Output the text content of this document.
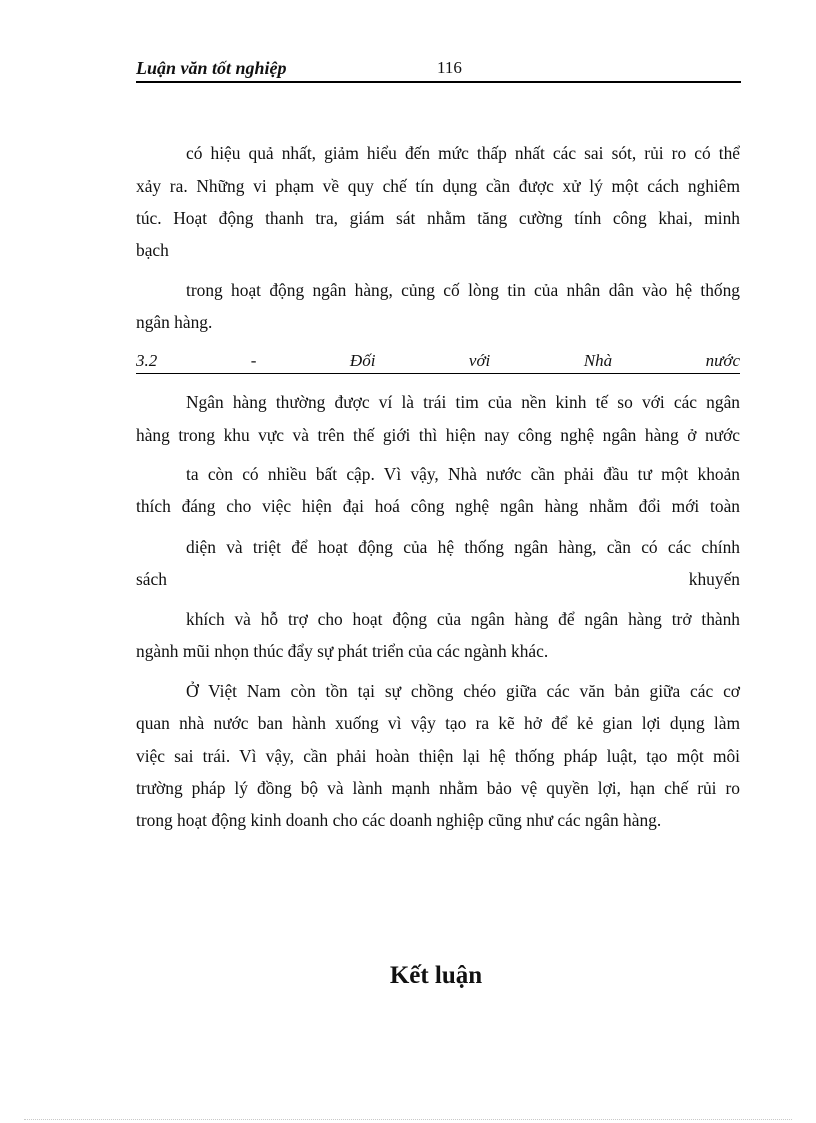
Luận văn tốt nghiệp	116
có hiệu quả nhất, giảm hiểu đến mức thấp nhất các sai sót, rủi ro có thể
xảy ra. Những vi phạm về quy chế tín dụng cần được xử lý một cách nghiêm
túc. Hoạt động thanh tra, giám sát nhằm tăng cường tính công khai, minh
bạch
trong hoạt động ngân hàng, củng cố lòng tin của nhân dân vào hệ thống
ngân hàng.
3.2 - Đối với Nhà nước
Ngân hàng thường được ví là trái tim của nền kinh tế so với các ngân
hàng trong khu vực và trên thế giới thì hiện nay công nghệ ngân hàng ở nước
ta còn có nhiều bất cập. Vì vậy, Nhà nước cần phải đầu tư một khoản
thích đáng cho việc hiện đại hoá công nghệ ngân hàng nhằm đổi mới toàn
diện và triệt để hoạt động của hệ thống ngân hàng, cần có các chính
sách khuyến
khích và hỗ trợ cho hoạt động của ngân hàng để ngân hàng trở thành
ngành mũi nhọn thúc đẩy sự phát triển của các ngành khác.
Ở Việt Nam còn tồn tại sự chồng chéo giữa các văn bản giữa các cơ
quan nhà nước ban hành xuống vì vậy tạo ra kẽ hở để kẻ gian lợi dụng làm
việc sai trái. Vì vậy, cần phải hoàn thiện lại hệ thống pháp luật, tạo một môi
trường pháp lý đồng bộ và lành mạnh nhằm bảo vệ quyền lợi, hạn chế rủi ro
trong hoạt động kinh doanh cho các doanh nghiệp cũng như các ngân hàng.
Kết luận
